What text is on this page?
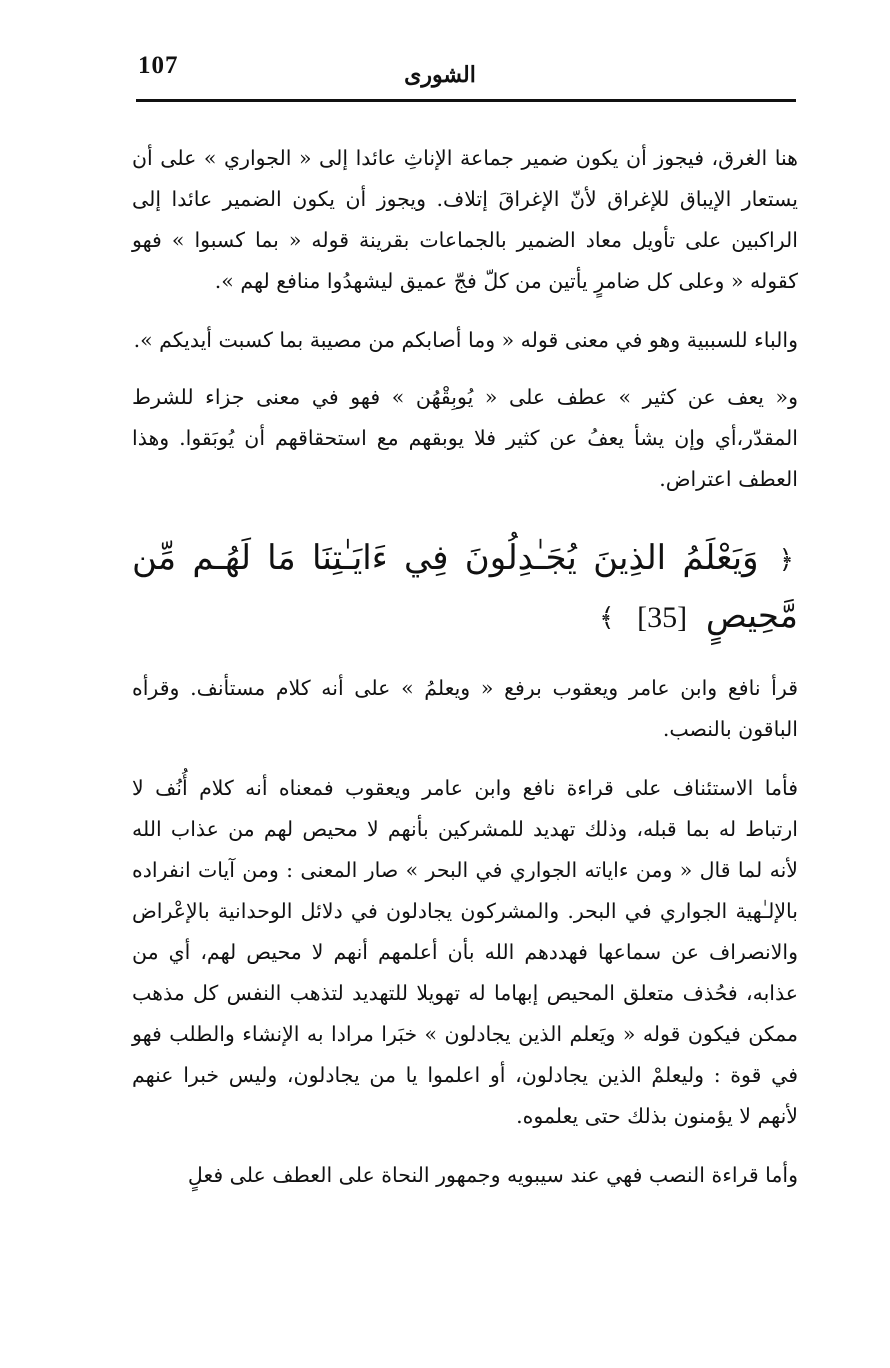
107	الشورى

هنا الغرق، فيجوز أن يكون ضمير جماعة الإناثِ عائدا إلى « الجواري » على أن يستعار الإيباق للإغراق لأنّ الإغراقَ إتلاف. ويجوز أن يكون الضمير عائدا إلى الراكبين على تأويل معاد الضمير بالجماعات بقرينة قوله « بما كسبوا » فهو كقوله « وعلى كل ضامرٍ يأتين من كلّ فجّ عميق ليشهدُوا منافع لهم ».

والباء للسببية وهو في معنى قوله « وما أصابكم من مصيبة بما كسبت أيديكم ».

و« يعف عن كثير » عطف على « يُوبِقْهُن » فهو في معنى جزاء للشرط المقدّر،أي وإن يشأ يعفُ عن كثير فلا يوبقهم مع استحقاقهم أن يُوبَقوا. وهذا العطف اعتراض.

﴿ وَيَعْلَمُ الذِينَ يُجَـٰدِلُونَ فِي ءَايَـٰتِنَا مَا لَهُـم مِّن مَّحِيصٍ [35] ﴾

قرأ نافع وابن عامر ويعقوب برفع « ويعلمُ » على أنه كلام مستأنف. وقرأه الباقون بالنصب.

فأما الاستئناف على قراءة نافع وابن عامر ويعقوب فمعناه أنه كلام أُنُف لا ارتباط له بما قبله، وذلك تهديد للمشركين بأنهم لا محيص لهم من عذاب الله لأنه لما قال « ومن ءاياته الجواري في البحر » صار المعنى : ومن آيات انفراده بالإلـٰهية الجواري في البحر. والمشركون يجادلون في دلائل الوحدانية بالإعْراض والانصراف عن سماعها فهددهم الله بأن أعلمهم أنهم لا محيص لهم، أي من عذابه، فحُذف متعلق المحيص إبهاما له تهويلا للتهديد لتذهب النفس كل مذهب ممكن فيكون قوله « ويَعلم الذين يجادلون » خبَرا مرادا به الإنشاء والطلب فهو في قوة : وليعلمْ الذين يجادلون، أو اعلموا يا من يجادلون، وليس خبرا عنهم لأنهم لا يؤمنون بذلك حتى يعلموه.

وأما قراءة النصب فهي عند سيبويه وجمهور النحاة على العطف على فعلٍ
